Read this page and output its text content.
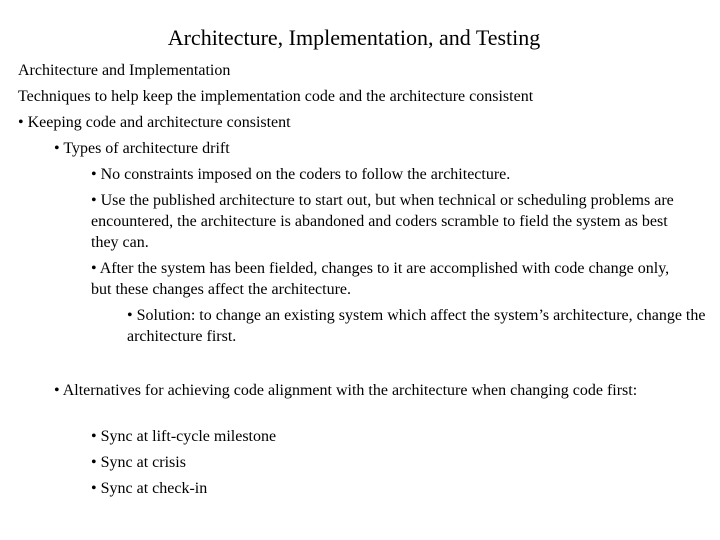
Architecture, Implementation, and Testing
Architecture and Implementation
Techniques to help keep the implementation code and the architecture consistent
• Keeping code and architecture consistent
• Types of architecture drift
• No constraints imposed on the coders to follow the architecture.
• Use the published architecture to start out, but when technical or scheduling problems are encountered, the architecture is abandoned and coders scramble to field the system as best they can.
• After the system has been fielded, changes to it are accomplished with code change only, but these changes affect the architecture.
• Solution: to change an existing system which affect the system’s architecture, change the architecture first.
• Alternatives for achieving code alignment with the architecture when changing code first:
• Sync at lift-cycle milestone
• Sync at crisis
• Sync at check-in
